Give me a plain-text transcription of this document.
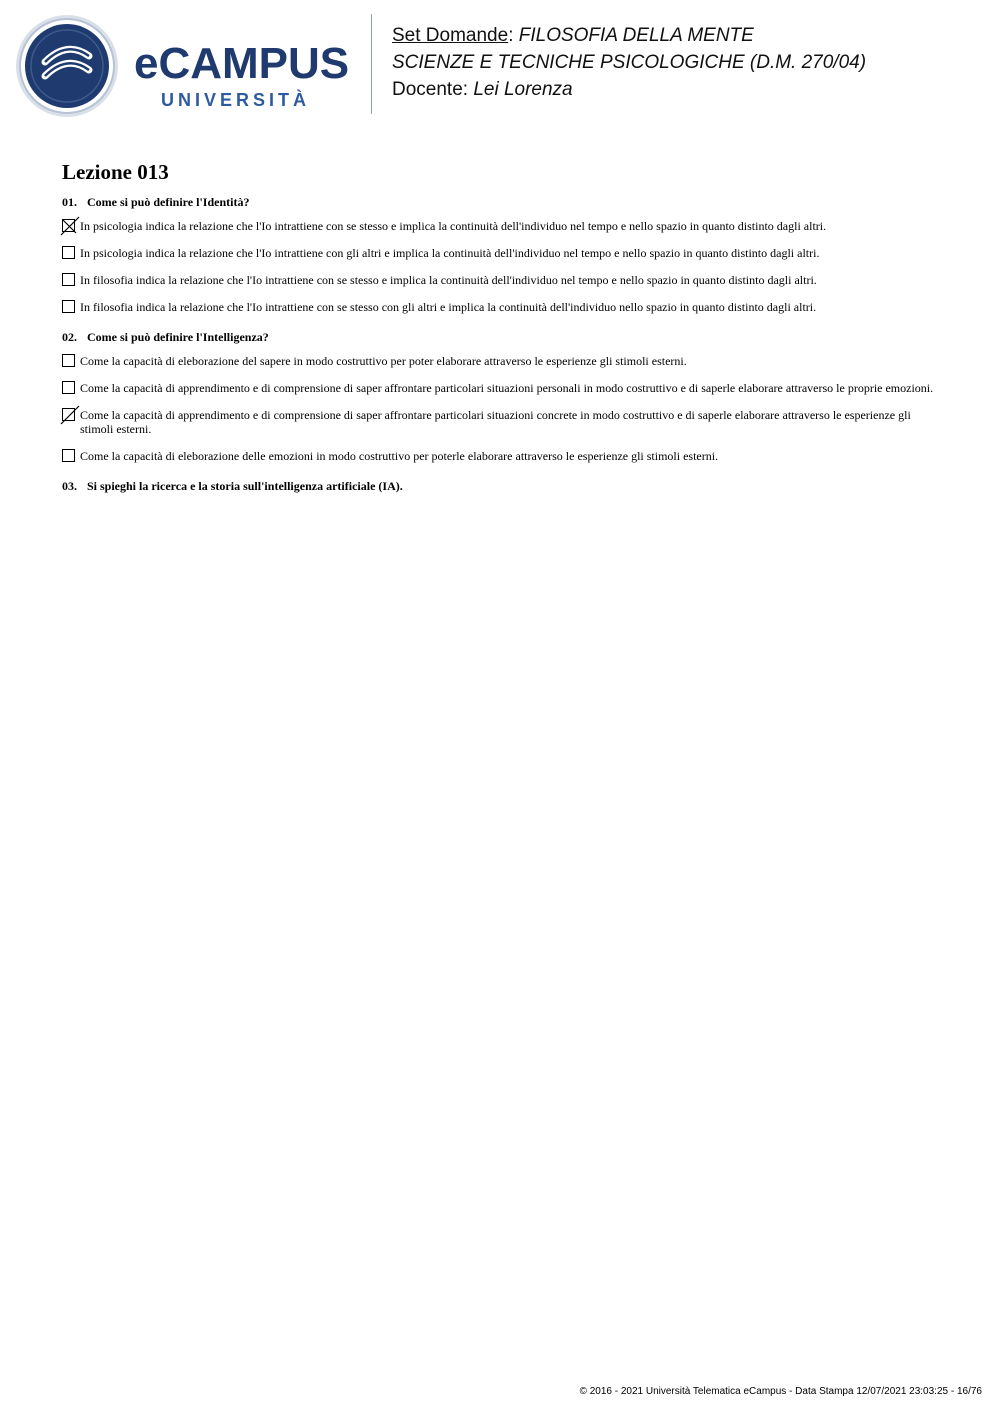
eCAMPUS
UNIVERSITÀ
Set Domande: FILOSOFIA DELLA MENTE
SCIENZE E TECNICHE PSICOLOGICHE (D.M. 270/04)
Docente: Lei Lorenza
Lezione 013
01. Come si può definire l'Identità?
In psicologia indica la relazione che l'Io intrattiene con se stesso e implica la continuità dell'individuo nel tempo e nello spazio in quanto distinto dagli altri.
In psicologia indica la relazione che l'Io intrattiene con gli altri e implica la continuità dell'individuo nel tempo e nello spazio in quanto distinto dagli altri.
In filosofia indica la relazione che l'Io intrattiene con se stesso e implica la continuità dell'individuo nel tempo e nello spazio in quanto distinto dagli altri.
In filosofia indica la relazione che l'Io intrattiene con se stesso con gli altri e implica la continuità dell'individuo nello spazio in quanto distinto dagli altri.
02. Come si può definire l'Intelligenza?
Come la capacità di eleborazione del sapere in modo costruttivo per poter elaborare attraverso le esperienze gli stimoli esterni.
Come la capacità di apprendimento e di comprensione di saper affrontare particolari situazioni personali in modo costruttivo e di saperle elaborare attraverso le proprie emozioni.
Come la capacità di apprendimento e di comprensione di saper affrontare particolari situazioni concrete in modo costruttivo e di saperle elaborare attraverso le esperienze gli stimoli esterni.
Come la capacità di eleborazione delle emozioni in modo costruttivo per poterle elaborare attraverso le esperienze gli stimoli esterni.
03. Si spieghi la ricerca e la storia sull'intelligenza artificiale (IA).
© 2016 - 2021 Università Telematica eCampus - Data Stampa 12/07/2021 23:03:25 - 16/76
